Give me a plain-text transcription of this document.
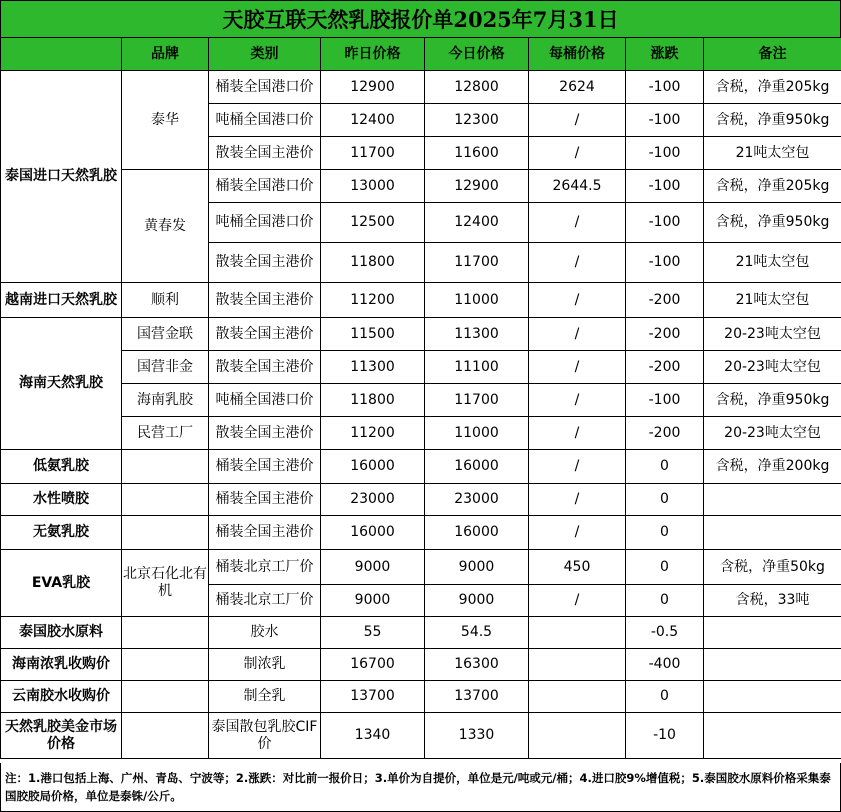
天胶互联天然乳胶报价单2025年7月31日
	品牌	类别	昨日价格	今日价格	每桶价格	涨跌	备注
泰国进口天然乳胶	泰华	桶装全国港口价	12900	12800	2624	-100	含税，净重205kg
		吨桶全国港口价	12400	12300	/	-100	含税，净重950kg
		散装全国主港价	11700	11600	/	-100	21吨太空包
	黄春发	桶装全国港口价	13000	12900	2644.5	-100	含税，净重205kg
		吨桶全国港口价	12500	12400	/	-100	含税，净重950kg
		散装全国主港价	11800	11700	/	-100	21吨太空包
越南进口天然乳胶	顺利	散装全国主港价	11200	11000	/	-200	21吨太空包
海南天然乳胶	国营金联	散装全国主港价	11500	11300	/	-200	20-23吨太空包
	国营非金	散装全国主港价	11300	11100	/	-200	20-23吨太空包
	海南乳胶	吨桶全国港口价	11800	11700	/	-100	含税，净重950kg
	民营工厂	散装全国主港价	11200	11000	/	-200	20-23吨太空包
低氨乳胶		桶装全国主港价	16000	16000	/	0	含税，净重200kg
水性喷胶		桶装全国主港价	23000	23000	/	0	
无氨乳胶		桶装全国主港价	16000	16000	/	0	
EVA乳胶	北京石化北有机	桶装北京工厂价	9000	9000	450	0	含税，净重50kg
		桶装北京工厂价	9000	9000	/	0	含税，33吨
泰国胶水原料		胶水	55	54.5		-0.5	
海南浓乳收购价		制浓乳	16700	16300		-400	
云南胶水收购价		制全乳	13700	13700		0	
天然乳胶美金市场价格		泰国散包乳胶CIF价	1340	1330		-10	
注：1.港口包括上海、广州、青岛、宁波等；2.涨跌：对比前一报价日；3.单价为自提价，单位是元/吨或元/桶；4.进口胶9%增值税；5.泰国胶水原料价格采集泰国胶胶局价格，单位是泰铢/公斤。
